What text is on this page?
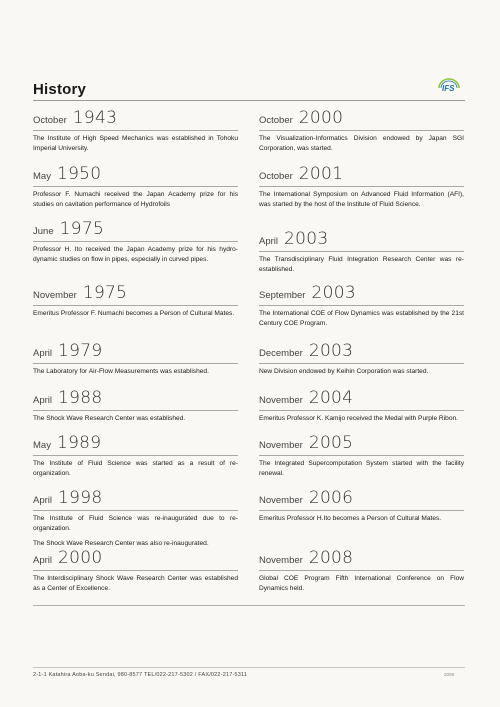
History	IFS
October 1943

The Institute of High Speed Mechanics was established in Tohoku Imperial University.

May 1950

Professor F. Numachi received the Japan Academy prize for his studies on cavitation performance of Hydrofoils

June 1975

Professor H. Ito received the Japan Academy prize for his hydro-dynamic studies on flow in pipes, especially in curved pipes.

November 1975

Emeritus Professor F. Numachi becomes a Person of Cultural Mates.

April 1979

The Laboratory for Air-Flow Measurements was established.

April 1988

The Shock Wave Research Center was established.

May 1989

The Institute of Fluid Science was started as a result of re-organization.

April 1998

The Institute of Fluid Science was re-inaugurated due to re-organization.

The Shock Wave Research Center was also re-inaugurated.

April 2000

The Interdisciplinary Shock Wave Research Center was established as a Center of Excellence.

October 2000

The Visualization-Informatics Division endowed by Japan SGI Corporation, was started.

October 2001

The International Symposium on Advanced Fluid Information (AFI), was started by the host of the Institute of Fluid Science.

April 2003

The Transdisciplinary Fluid Integration Research Center was re-established.

September 2003

The International COE of Flow Dynamics was established by the 21st Century COE Program.

December 2003

New Division endowed by Keihin Corporation was started.

November 2004

Emeritus Professor K. Kamijo received the Medal with Purple Ribon.

November 2005

The Integrated Supercomputation System started with the facility renewal.

November 2006

Emeritus Professor H.Ito becomes a Person of Cultural Mates.

November 2008

Global COE Program Fifth International Conference on Flow Dynamics held.

2-1-1 Katahira Aoba-ku Sendai, 980-8577 TEL/022-217-5302 / FAX/022-217-5311	2008
